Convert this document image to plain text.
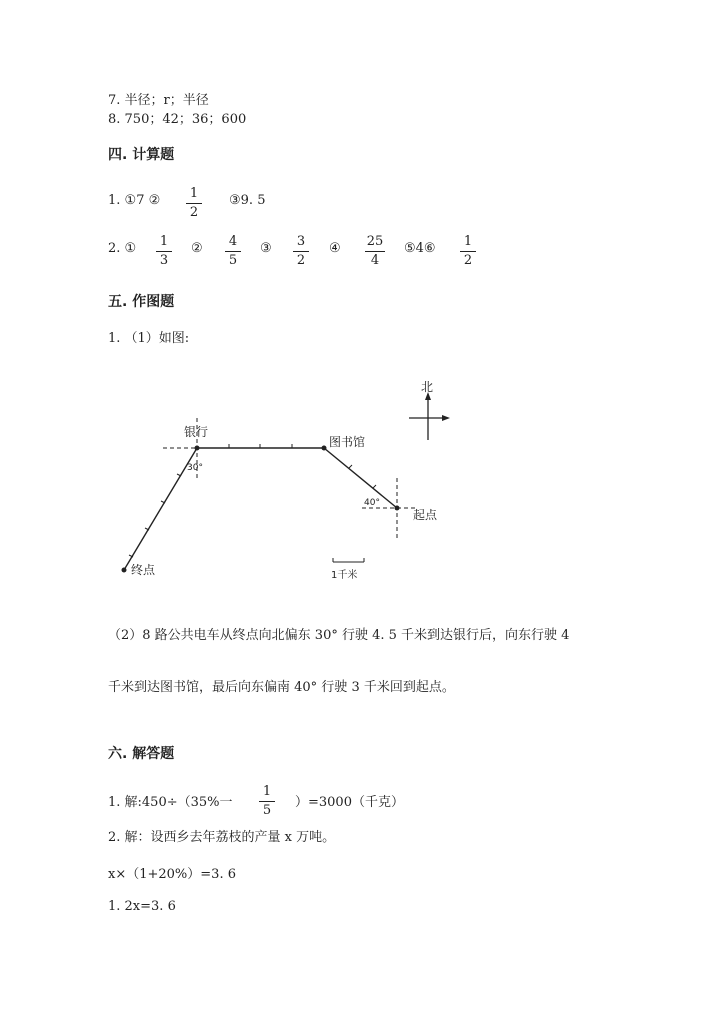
7. 半径；r；半径
8. 750；42；36；600
四. 计算题
1. ①7 ②	1
2
③9. 5
2. ①	1
3
②	4
5
③	3
2
④ 25
4
⑤4⑥	1
2
五. 作图题
1. （1）如图:
北
银行
图书馆
起点
终点
30°
40°
1千米
（2）8 路公共电车从终点向北偏东 30° 行驶 4. 5 千米到达银行后，向东行驶 4
千米到达图书馆，最后向东偏南 40° 行驶 3 千米回到起点。
六. 解答题
1. 解:450÷（35%一
1
5
）=3000（千克）
2. 解：设西乡去年荔枝的产量 x 万吨。
x×（1+20%）=3. 6
1. 2x=3. 6
